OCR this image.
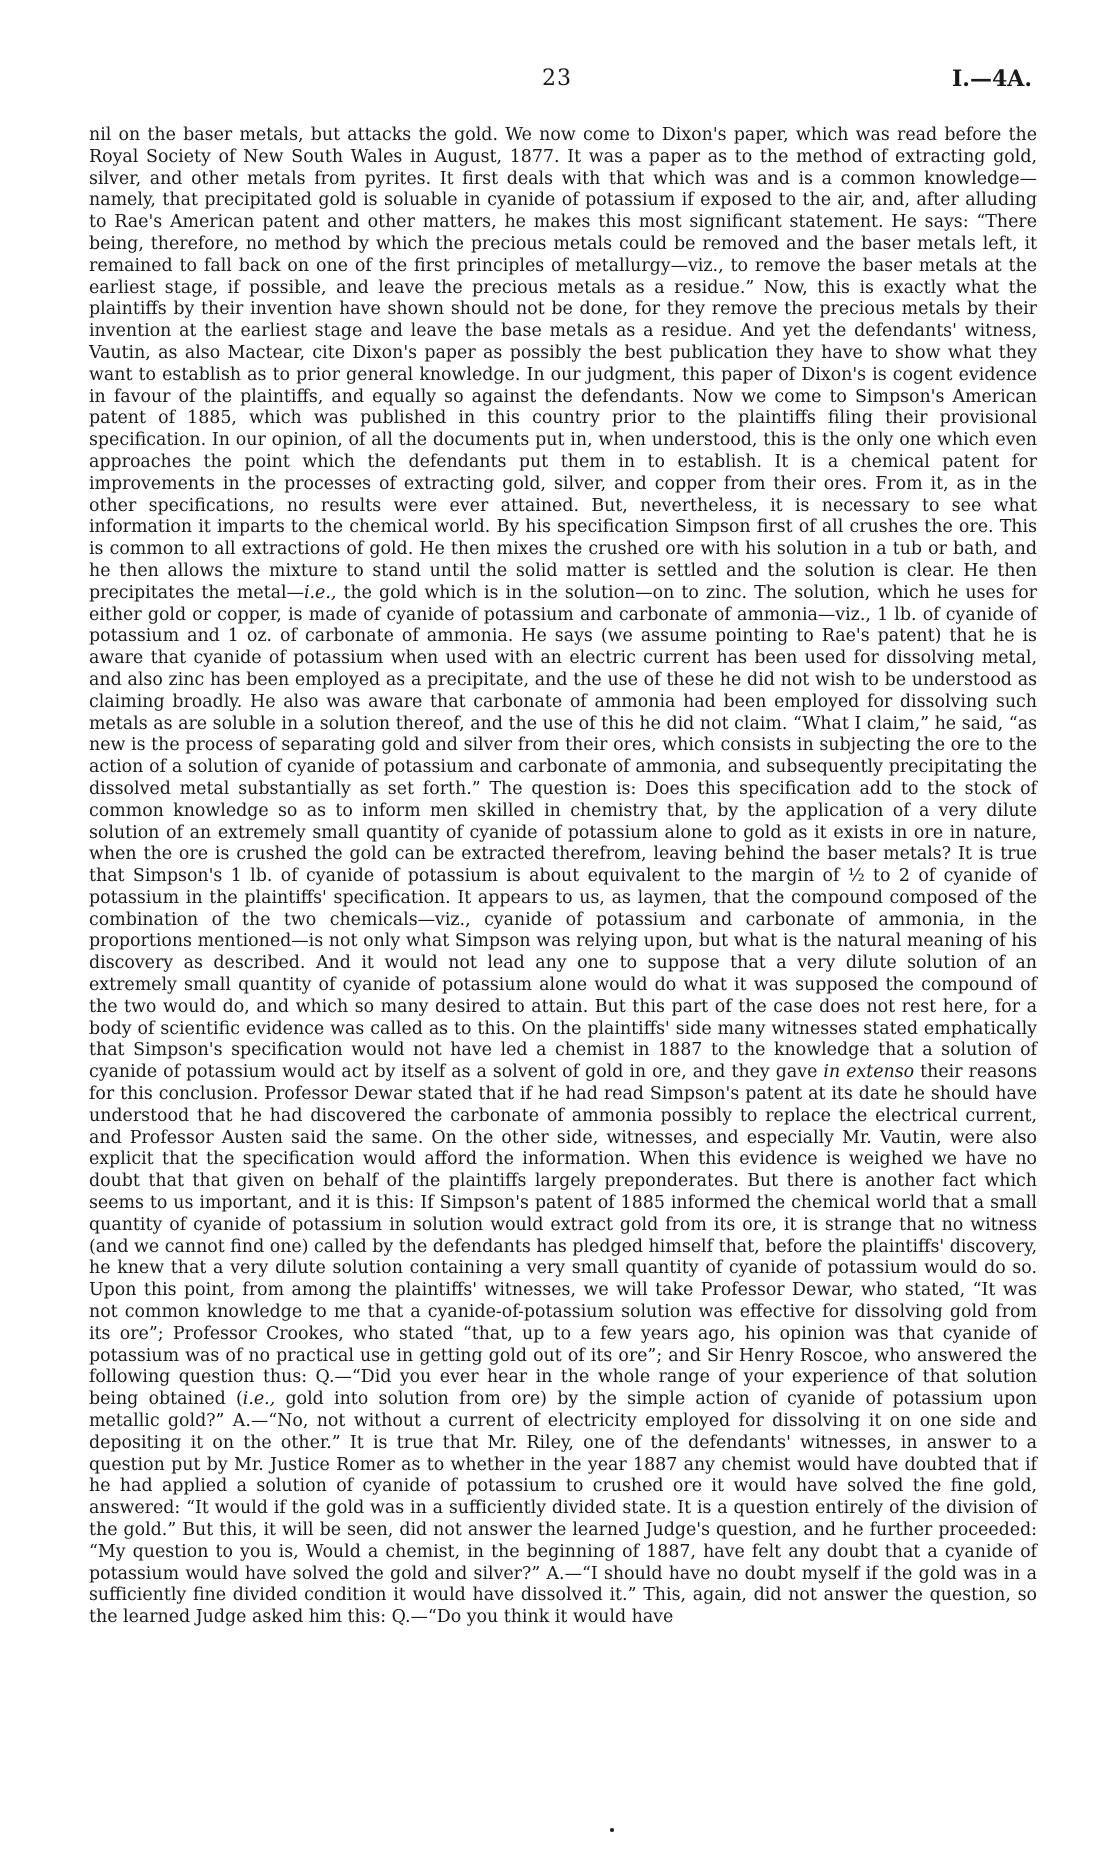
23	I.—4A.
nil on the baser metals, but attacks the gold. We now come to Dixon's paper, which was read before the Royal Society of New South Wales in August, 1877. It was a paper as to the method of extracting gold, silver, and other metals from pyrites. It first deals with that which was and is a common knowledge—namely, that precipitated gold is soluable in cyanide of potassium if exposed to the air, and, after alluding to Rae's American patent and other matters, he makes this most significant statement. He says: “There being, therefore, no method by which the precious metals could be removed and the baser metals left, it remained to fall back on one of the first principles of metallurgy—viz., to remove the baser metals at the earliest stage, if possible, and leave the precious metals as a residue.” Now, this is exactly what the plaintiffs by their invention have shown should not be done, for they remove the precious metals by their invention at the earliest stage and leave the base metals as a residue. And yet the defendants' witness, Vautin, as also Mactear, cite Dixon's paper as possibly the best publication they have to show what they want to establish as to prior general knowledge. In our judgment, this paper of Dixon's is cogent evidence in favour of the plaintiffs, and equally so against the defendants. Now we come to Simpson's American patent of 1885, which was published in this country prior to the plaintiffs filing their provisional specification. In our opinion, of all the documents put in, when understood, this is the only one which even approaches the point which the defendants put them in to establish. It is a chemical patent for improvements in the processes of extracting gold, silver, and copper from their ores. From it, as in the other specifications, no results were ever attained. But, nevertheless, it is necessary to see what information it imparts to the chemical world. By his specification Simpson first of all crushes the ore. This is common to all extractions of gold. He then mixes the crushed ore with his solution in a tub or bath, and he then allows the mixture to stand until the solid matter is settled and the solution is clear. He then precipitates the metal—i.e., the gold which is in the solution—on to zinc. The solution, which he uses for either gold or copper, is made of cyanide of potassium and carbonate of ammonia—viz., 1 lb. of cyanide of potassium and 1 oz. of carbonate of ammonia. He says (we assume pointing to Rae's patent) that he is aware that cyanide of potassium when used with an electric current has been used for dissolving metal, and also zinc has been employed as a precipitate, and the use of these he did not wish to be understood as claiming broadly. He also was aware that carbonate of ammonia had been employed for dissolving such metals as are soluble in a solution thereof, and the use of this he did not claim. “What I claim,” he said, “as new is the process of separating gold and silver from their ores, which consists in subjecting the ore to the action of a solution of cyanide of potassium and carbonate of ammonia, and subsequently precipitating the dissolved metal substantially as set forth.” The question is: Does this specification add to the stock of common knowledge so as to inform men skilled in chemistry that, by the application of a very dilute solution of an extremely small quantity of cyanide of potassium alone to gold as it exists in ore in nature, when the ore is crushed the gold can be extracted therefrom, leaving behind the baser metals? It is true that Simpson's 1 lb. of cyanide of potassium is about equivalent to the margin of ½ to 2 of cyanide of potassium in the plaintiffs' specification. It appears to us, as laymen, that the compound composed of the combination of the two chemicals—viz., cyanide of potassium and carbonate of ammonia, in the proportions mentioned—is not only what Simpson was relying upon, but what is the natural meaning of his discovery as described. And it would not lead any one to suppose that a very dilute solution of an extremely small quantity of cyanide of potassium alone would do what it was supposed the compound of the two would do, and which so many desired to attain. But this part of the case does not rest here, for a body of scientific evidence was called as to this. On the plaintiffs' side many witnesses stated emphatically that Simpson's specification would not have led a chemist in 1887 to the knowledge that a solution of cyanide of potassium would act by itself as a solvent of gold in ore, and they gave in extenso their reasons for this conclusion. Professor Dewar stated that if he had read Simpson's patent at its date he should have understood that he had discovered the carbonate of ammonia possibly to replace the electrical current, and Professor Austen said the same. On the other side, witnesses, and especially Mr. Vautin, were also explicit that the specification would afford the information. When this evidence is weighed we have no doubt that that given on behalf of the plaintiffs largely preponderates. But there is another fact which seems to us important, and it is this: If Simpson's patent of 1885 informed the chemical world that a small quantity of cyanide of potassium in solution would extract gold from its ore, it is strange that no witness (and we cannot find one) called by the defendants has pledged himself that, before the plaintiffs' discovery, he knew that a very dilute solution containing a very small quantity of cyanide of potassium would do so. Upon this point, from among the plaintiffs' witnesses, we will take Professor Dewar, who stated, “It was not common knowledge to me that a cyanide-of-potassium solution was effective for dissolving gold from its ore”; Professor Crookes, who stated “that, up to a few years ago, his opinion was that cyanide of potassium was of no practical use in getting gold out of its ore”; and Sir Henry Roscoe, who answered the following question thus: Q.—“Did you ever hear in the whole range of your experience of that solution being obtained (i.e., gold into solution from ore) by the simple action of cyanide of potassium upon metallic gold?” A.—“No, not without a current of electricity employed for dissolving it on one side and depositing it on the other.” It is true that Mr. Riley, one of the defendants' witnesses, in answer to a question put by Mr. Justice Romer as to whether in the year 1887 any chemist would have doubted that if he had applied a solution of cyanide of potassium to crushed ore it would have solved the fine gold, answered: “It would if the gold was in a sufficiently divided state. It is a question entirely of the division of the gold.” But this, it will be seen, did not answer the learned Judge's question, and he further proceeded: “My question to you is, Would a chemist, in the beginning of 1887, have felt any doubt that a cyanide of potassium would have solved the gold and silver?” A.—“I should have no doubt myself if the gold was in a sufficiently fine divided condition it would have dissolved it.” This, again, did not answer the question, so the learned Judge asked him this: Q.—“Do you think it would have
